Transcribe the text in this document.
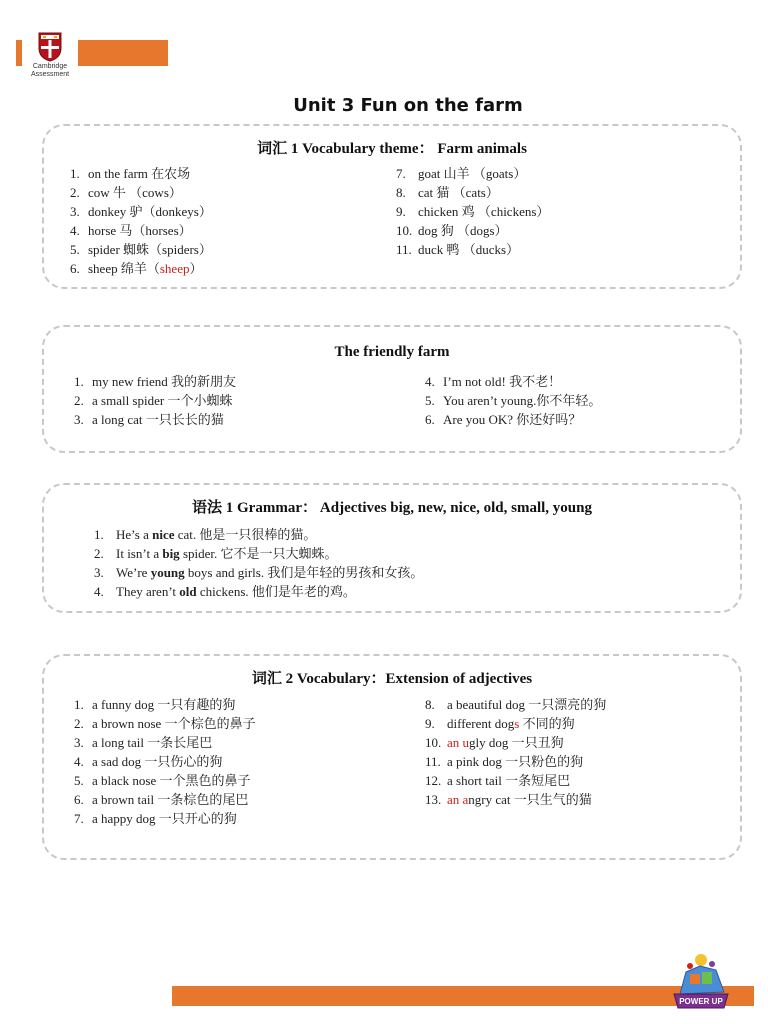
Cambridge
Assessment
Unit 3 Fun on the farm
词汇 1 Vocabulary theme： Farm animals
1. on the farm 在农场
2. cow 牛 （cows）
3. donkey 驴（donkeys）
4. horse 马（horses）
5. spider 蜘蛛（spiders）
6. sheep 绵羊（sheep）
7. goat 山羊 （goats）
8. cat 猫 （cats）
9. chicken 鸡 （chickens）
10. dog 狗 （dogs）
11. duck 鸭 （ducks）
The friendly farm
1. my new friend 我的新朋友
2. a small spider 一个小蜘蛛
3. a long cat 一只长长的猫
4. I’m not old! 我不老！
5. You aren’t young.你不年轻。
6. Are you OK? 你还好吗？
语法 1 Grammar： Adjectives big, new, nice, old, small, young
1. He’s a nice cat. 他是一只很棒的猫。
2. It isn’t a big spider. 它不是一只大蜘蛛。
3. We’re young boys and girls. 我们是年轻的男孩和女孩。
4. They aren’t old chickens. 他们是年老的鸡。
词汇 2 Vocabulary：Extension of adjectives
1. a funny dog 一只有趣的狗
2. a brown nose 一个棕色的鼻子
3. a long tail 一条长尾巴
4. a sad dog 一只伤心的狗
5. a black nose 一个黑色的鼻子
6. a brown tail 一条棕色的尾巴
7. a happy dog 一只开心的狗
8. a beautiful dog 一只漂亮的狗
9. different dogs 不同的狗
10. an ugly dog 一只丑狗
11. a pink dog 一只粉色的狗
12. a short tail 一条短尾巴
13. an angry cat 一只生气的猫
POWER UP
